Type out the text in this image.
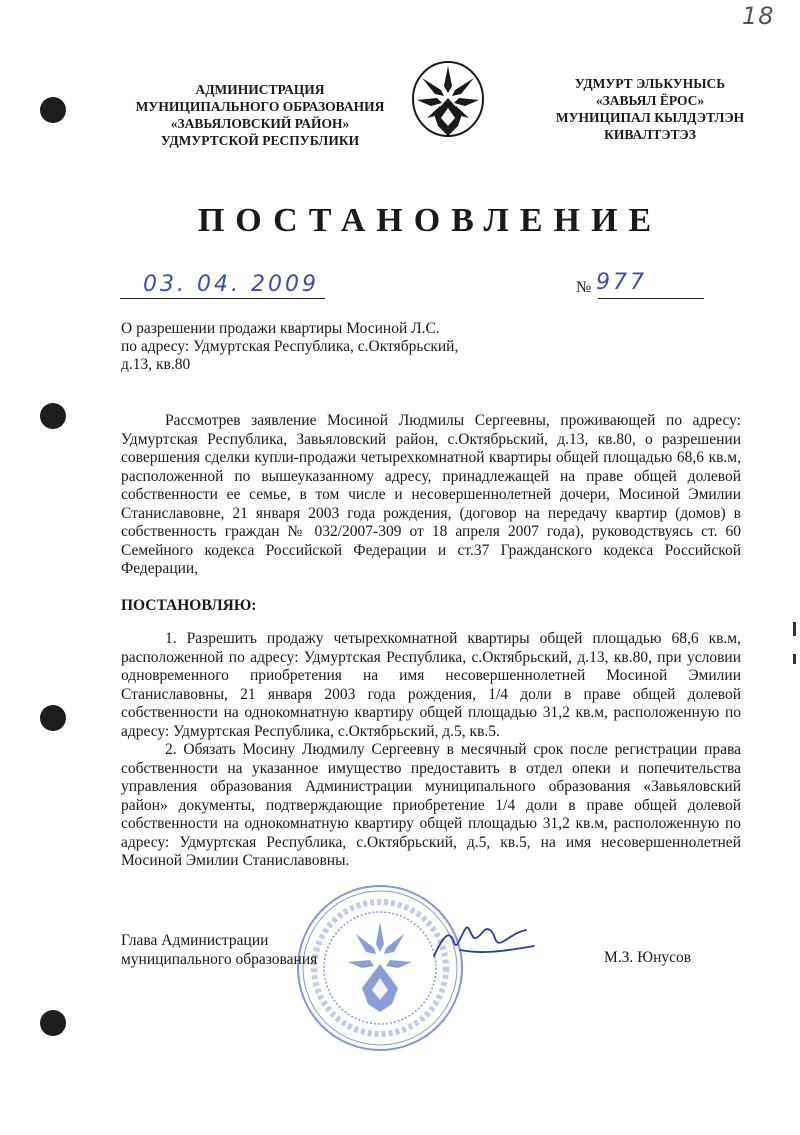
18
АДМИНИСТРАЦИЯ
МУНИЦИПАЛЬНОГО ОБРАЗОВАНИЯ
«ЗАВЬЯЛОВСКИЙ РАЙОН»
УДМУРТСКОЙ РЕСПУБЛИКИ
УДМУРТ ЭЛЬКУНЫСЬ
«ЗАВЬЯЛ ЁРОС»
МУНИЦИПАЛ КЫЛДЭТЛЭН
КИВАЛТЭТЭЗ
ПОСТАНОВЛЕНИЕ
03. 04. 2009	№ 977
О разрешении продажи квартиры Мосиной Л.С.
по адресу: Удмуртская Республика, с.Октябрьский,
д.13, кв.80
Рассмотрев заявление Мосиной Людмилы Сергеевны, проживающей по адресу: Удмуртская Республика, Завьяловский район, с.Октябрьский, д.13, кв.80, о разрешении совершения сделки купли-продажи четырехкомнатной квартиры общей площадью 68,6 кв.м, расположенной по вышеуказанному адресу, принадлежащей на праве общей долевой собственности ее семье, в том числе и несовершеннолетней дочери, Мосиной Эмилии Станиславовне, 21 января 2003 года рождения, (договор на передачу квартир (домов) в собственность граждан № 032/2007-309 от 18 апреля 2007 года), руководствуясь ст. 60 Семейного кодекса Российской Федерации и ст.37 Гражданского кодекса Российской Федерации,
ПОСТАНОВЛЯЮ:
1. Разрешить продажу четырехкомнатной квартиры общей площадью 68,6 кв.м, расположенной по адресу: Удмуртская Республика, с.Октябрьский, д.13, кв.80, при условии одновременного приобретения на имя несовершеннолетней Мосиной Эмилии Станиславовны, 21 января 2003 года рождения, 1/4 доли в праве общей долевой собственности на однокомнатную квартиру общей площадью 31,2 кв.м, расположенную по адресу: Удмуртская Республика, с.Октябрьский, д.5, кв.5.
2. Обязать Мосину Людмилу Сергеевну в месячный срок после регистрации права собственности на указанное имущество предоставить в отдел опеки и попечительства управления образования Администрации муниципального образования «Завьяловский район» документы, подтверждающие приобретение 1/4 доли в праве общей долевой собственности на однокомнатную квартиру общей площадью 31,2 кв.м, расположенную по адресу: Удмуртская Республика, с.Октябрьский, д.5, кв.5, на имя несовершеннолетней Мосиной Эмилии Станиславовны.
Глава Администрации
муниципального образования	М.З. Юнусов
